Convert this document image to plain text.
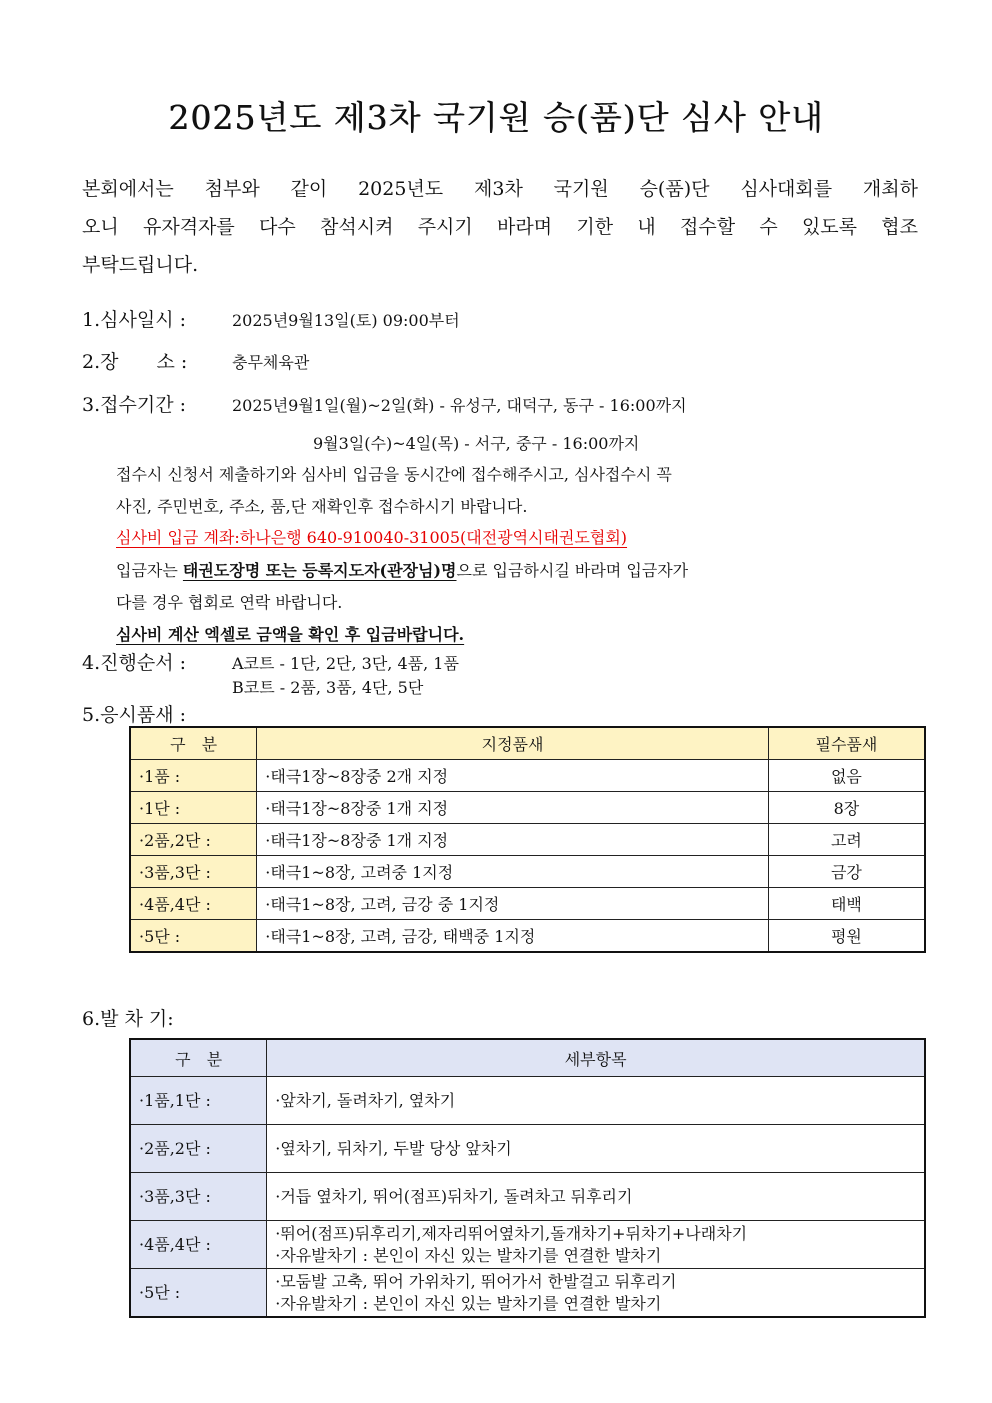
2025년도 제3차 국기원 승(품)단 심사 안내
본회에서는 첨부와 같이 2025년도 제3차 국기원 승(품)단 심사대회를 개최하
오니 유자격자를 다수 참석시켜 주시기 바라며 기한 내 접수할 수 있도록 협조
부탁드립니다.
1.심사일시 :	2025년9월13일(토) 09:00부터
2.장　　소 :	충무체육관
3.접수기간 :	2025년9월1일(월)~2일(화) - 유성구, 대덕구, 동구 - 16:00까지
9월3일(수)~4일(목) - 서구, 중구 - 16:00까지
접수시 신청서 제출하기와 심사비 입금을 동시간에 접수해주시고, 심사접수시 꼭
사진, 주민번호, 주소, 품,단 재확인후 접수하시기 바랍니다.
심사비 입금 계좌:하나은행 640-910040-31005(대전광역시태권도협회)
입금자는 태권도장명 또는 등록지도자(관장님)명으로 입금하시길 바라며 입금자가
다를 경우 협회로 연락 바랍니다.
심사비 계산 엑셀로 금액을 확인 후 입금바랍니다.
4.진행순서 :	A코트 - 1단, 2단, 3단, 4품, 1품
B코트 - 2품, 3품, 4단, 5단
5.응시품새 :
구　분	지정품새	필수품새
·1품 :	·태극1장~8장중 2개 지정	없음
·1단 :	·태극1장~8장중 1개 지정	8장
·2품,2단 :	·태극1장~8장중 1개 지정	고려
·3품,3단 :	·태극1~8장, 고려중 1지정	금강
·4품,4단 :	·태극1~8장, 고려, 금강 중 1지정	태백
·5단 :	·태극1~8장, 고려, 금강, 태백중 1지정	평원
6.발 차 기:
구　분	세부항목
·1품,1단 :	·앞차기, 돌려차기, 옆차기

·2품,2단 :	·옆차기, 뒤차기, 두발 당상 앞차기

·3품,3단 :	·거듭 옆차기, 뛰어(점프)뒤차기, 돌려차고 뒤후리기

·4품,4단 :	·뛰어(점프)뒤후리기,제자리뛰어옆차기,돌개차기+뒤차기+나래차기
·자유발차기 : 본인이 자신 있는 발차기를 연결한 발차기

·5단 :	·모둠발 고축, 뛰어 가위차기, 뛰어가서 한발걸고 뒤후리기
·자유발차기 : 본인이 자신 있는 발차기를 연결한 발차기
